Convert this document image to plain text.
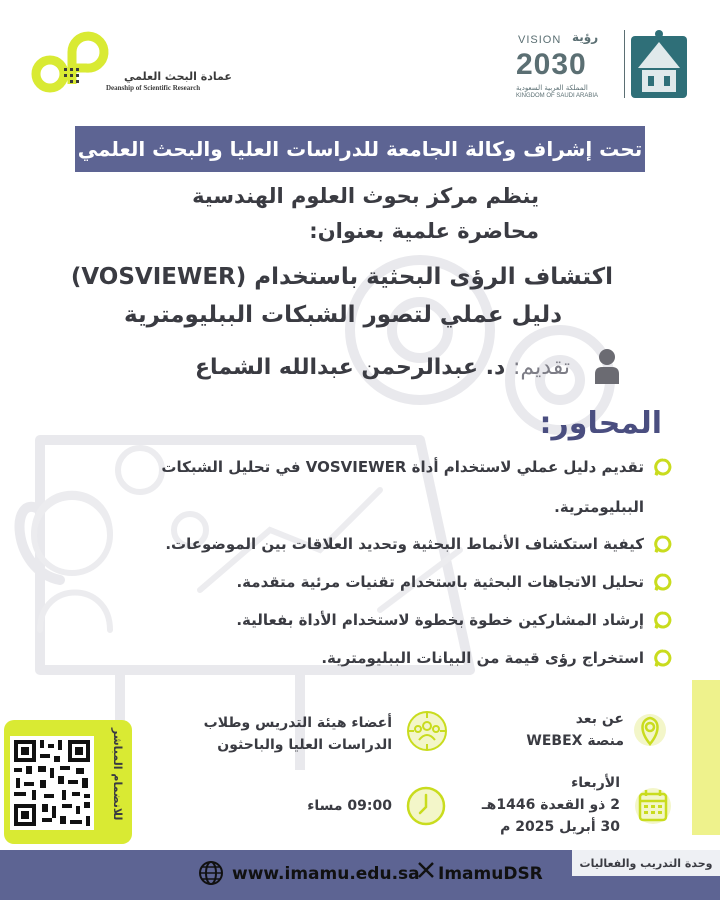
عمادة البحث العلمي
Deanship of Scientific Research
VISION رؤية
2030
المملكة العربية السعودية
KINGDOM OF SAUDI ARABIA
تحت إشراف وكالة الجامعة للدراسات العليا والبحث العلمي
ينظم مركز بحوث العلوم الهندسية
محاضرة علمية بعنوان:
اكتشاف الرؤى البحثية باستخدام (VOSVIEWER)
دليل عملي لتصور الشبكات الببليومترية
تقديم: د. عبدالرحمن عبدالله الشماع
المحاور:
تقديم دليل عملي لاستخدام أداة VOSVIEWER في تحليل الشبكات
الببليومترية.
كيفية استكشاف الأنماط البحثية وتحديد العلاقات بين الموضوعات.
تحليل الاتجاهات البحثية باستخدام تقنيات مرئية متقدمة.
إرشاد المشاركين خطوة بخطوة لاستخدام الأداة بفعالية.
استخراج رؤى قيمة من البيانات الببليومترية.
للانضمام المباشر
عن بعد
منصة WEBEX
أعضاء هيئة التدريس وطلاب
الدراسات العليا والباحثون
الأربعاء
2 ذو القعدة 1446هـ
30 أبريل 2025 م
09:00 مساء
وحدة التدريب والفعاليات
www.imamu.edu.sa ImamuDSR
